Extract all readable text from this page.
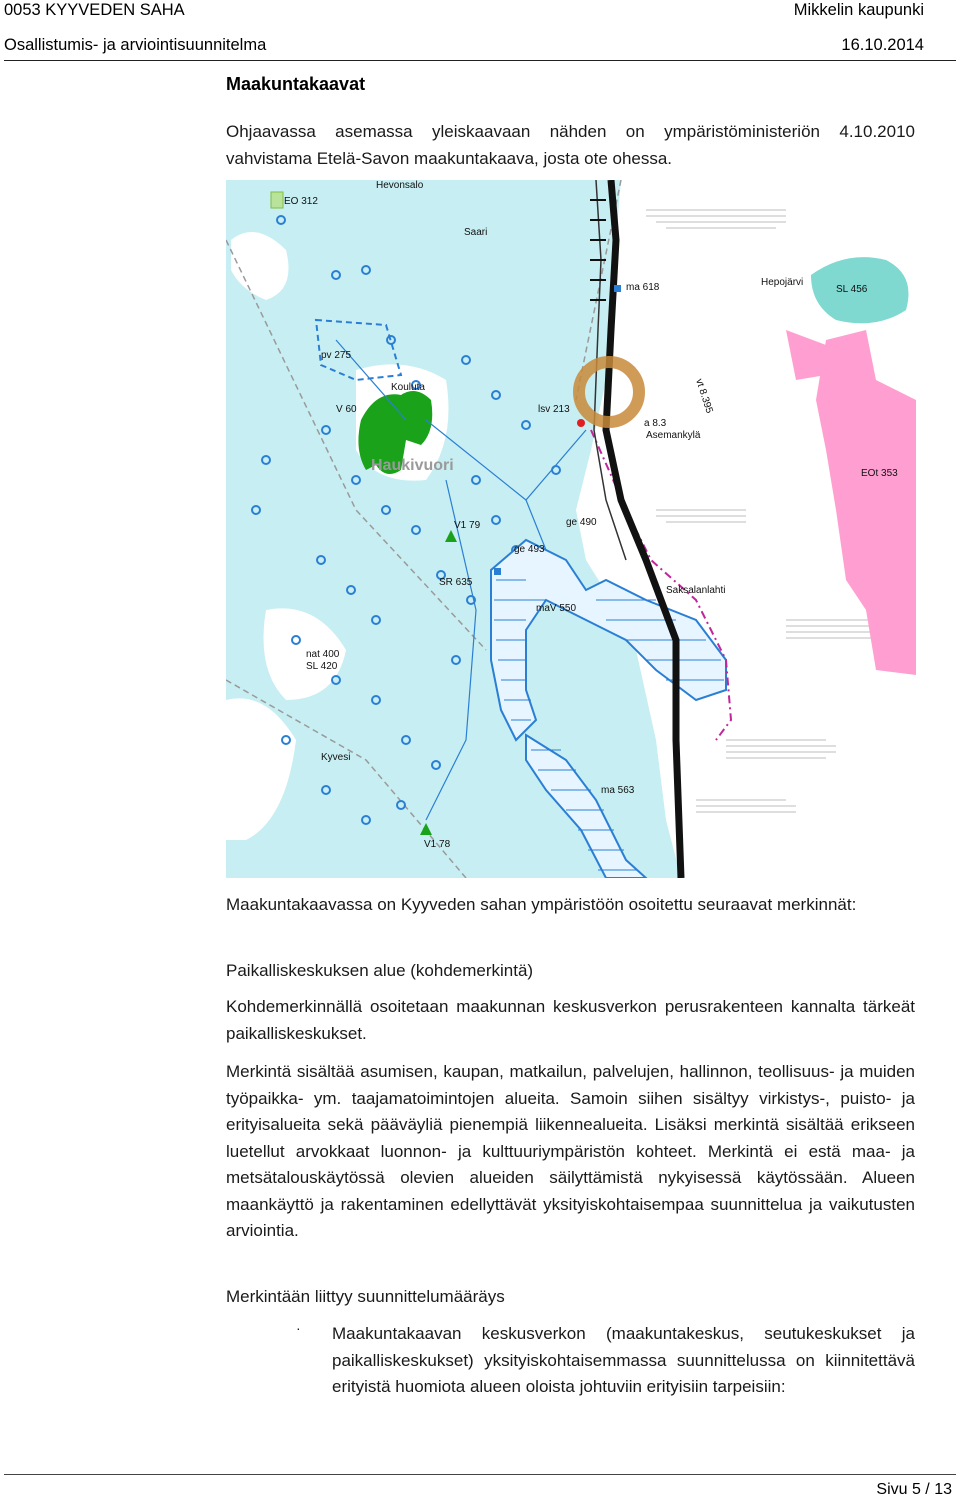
0053 KYYVEDEN SAHA	Mikkelin kaupunki
Osallistumis- ja arviointisuunnitelma	16.10.2014
Maakuntakaavat
Ohjaavassa asemassa yleiskaavaan nähden on ympäristöministeriön 4.10.2010 vahvistama Etelä-Savon maakuntakaava, josta ote ohessa.
EO 312
Hevonsalo
Saari
Hepojärvi
SL 456
ma 618
pv 275
V 60
Kouluta
lsv 213
a 8.3
Asemankylä
Haukivuori	EOt 353
ge 490
V1 79
ge 493
SR 635
Saksalanlahti
maV 550
nat 400
SL 420
Kyvesi
ma 563
V1 78
vt 8.395
Maakuntakaavassa on Kyyveden sahan ympäristöön osoitettu seuraavat merkinnät:
Paikalliskeskuksen alue (kohdemerkintä)
Kohdemerkinnällä osoitetaan maakunnan keskusverkon perusrakenteen kannalta tärkeät paikalliskeskukset.
Merkintä sisältää asumisen, kaupan, matkailun, palvelujen, hallinnon, teollisuus- ja muiden työpaikka- ym. taajamatoimintojen alueita. Samoin siihen sisältyy virkistys-, puisto- ja erityisalueita sekä pääväyliä pienempiä liikennealueita. Lisäksi merkintä sisältää erikseen luetellut arvokkaat luonnon- ja kulttuuriympäristön kohteet. Merkintä ei estä maa- ja metsätalouskäytössä olevien alueiden säilyttämistä nykyisessä käytössään. Alueen maankäyttö ja rakentaminen edellyttävät yksityiskohtaisempaa suunnittelua ja vaikutusten arviointia.
Merkintään liittyy suunnittelumääräys
· Maakuntakaavan keskusverkon (maakuntakeskus, seutukeskukset ja paikalliskeskukset) yksityiskohtaisemmassa suunnittelussa on kiinnitettävä erityistä huomiota alueen oloista johtuviin erityisiin tarpeisiin:
Sivu 5 / 13
